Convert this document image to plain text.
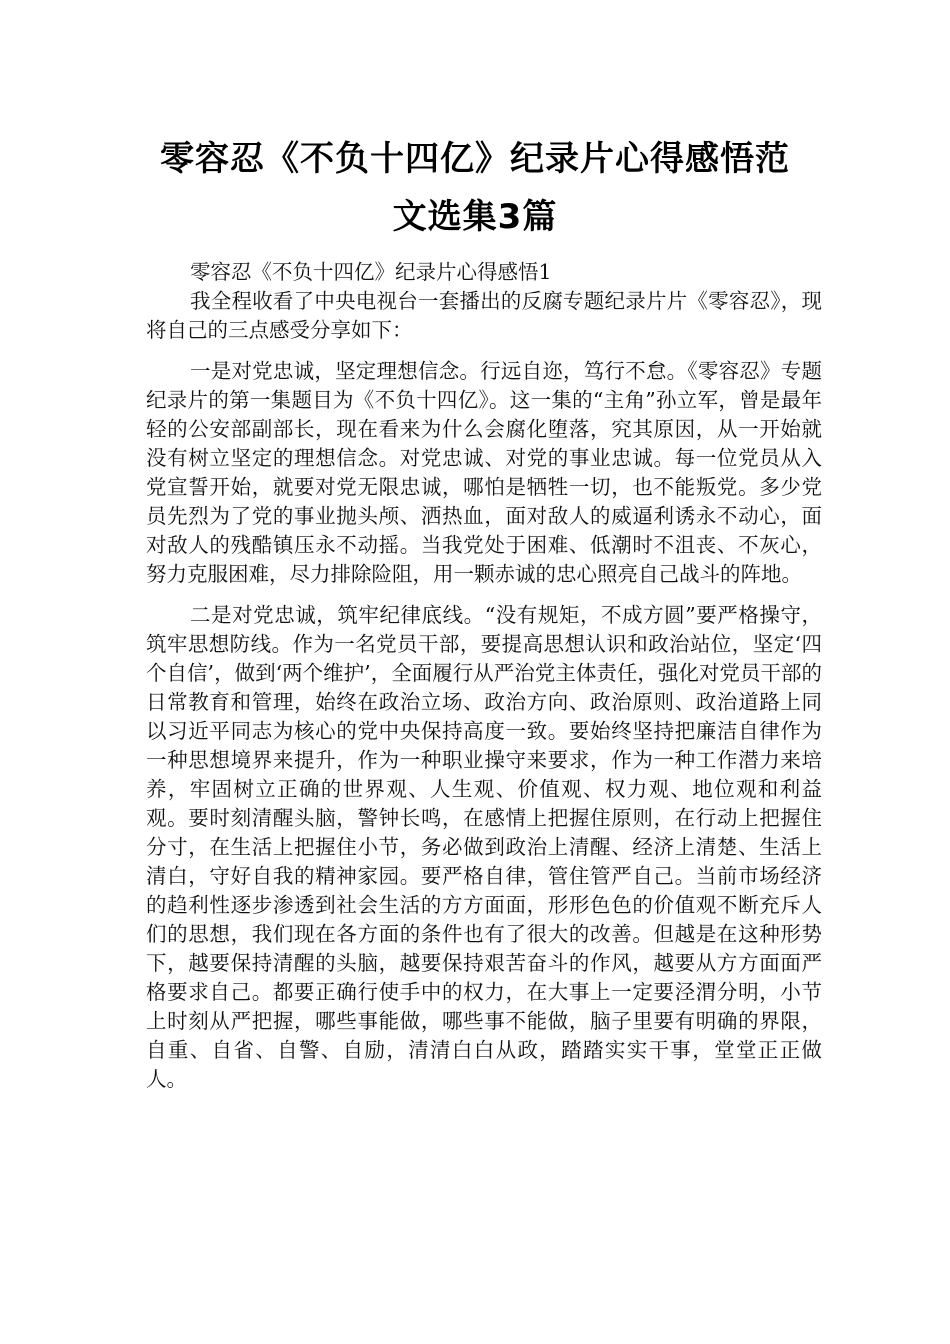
零容忍《不负十四亿》纪录片心得感悟范
文选集3篇

零容忍《不负十四亿》纪录片心得感悟1

我全程收看了中央电视台一套播出的反腐专题纪录片片《零容忍》，现将自己的三点感受分享如下：

一是对党忠诚，坚定理想信念。行远自迩，笃行不怠。《零容忍》专题纪录片的第一集题目为《不负十四亿》。这一集的“主角”孙立军，曾是最年轻的公安部副部长，现在看来为什么会腐化堕落，究其原因，从一开始就没有树立坚定的理想信念。对党忠诚、对党的事业忠诚。每一位党员从入党宣誓开始，就要对党无限忠诚，哪怕是牺牲一切，也不能叛党。多少党员先烈为了党的事业抛头颅、洒热血，面对敌人的威逼利诱永不动心，面对敌人的残酷镇压永不动摇。当我党处于困难、低潮时不沮丧、不灰心，努力克服困难，尽力排除险阻，用一颗赤诚的忠心照亮自己战斗的阵地。

二是对党忠诚，筑牢纪律底线。“没有规矩，不成方圆”要严格操守，筑牢思想防线。作为一名党员干部，要提高思想认识和政治站位，坚定‘四个自信’，做到‘两个维护’，全面履行从严治党主体责任，强化对党员干部的日常教育和管理，始终在政治立场、政治方向、政治原则、政治道路上同以习近平同志为核心的党中央保持高度一致。要始终坚持把廉洁自律作为一种思想境界来提升，作为一种职业操守来要求，作为一种工作潜力来培养，牢固树立正确的世界观、人生观、价值观、权力观、地位观和利益观。要时刻清醒头脑，警钟长鸣，在感情上把握住原则，在行动上把握住分寸，在生活上把握住小节，务必做到政治上清醒、经济上清楚、生活上清白，守好自我的精神家园。要严格自律，管住管严自己。当前市场经济的趋利性逐步渗透到社会生活的方方面面，形形色色的价值观不断充斥人们的思想，我们现在各方面的条件也有了很大的改善。但越是在这种形势下，越要保持清醒的头脑，越要保持艰苦奋斗的作风，越要从方方面面严格要求自己。都要正确行使手中的权力，在大事上一定要泾渭分明，小节上时刻从严把握，哪些事能做，哪些事不能做，脑子里要有明确的界限，自重、自省、自警、自励，清清白白从政，踏踏实实干事，堂堂正正做人。
